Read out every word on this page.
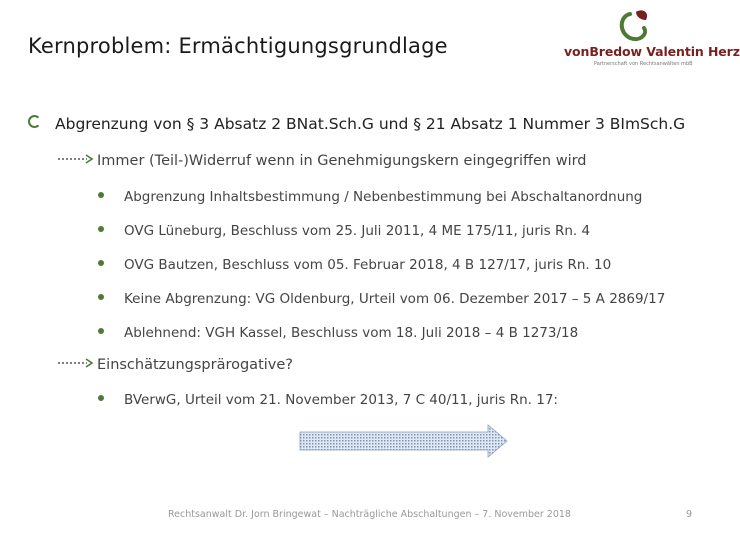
Kernproblem: Ermächtigungsgrundlage	vonBredow Valentin Herz
Partnerschaft von Rechtsanwälten mbB
Abgrenzung von § 3 Absatz 2 BNat.Sch.G und § 21 Absatz 1 Nummer 3 BImSch.G
Immer (Teil-)Widerruf wenn in Genehmigungskern eingegriffen wird
Abgrenzung Inhaltsbestimmung / Nebenbestimmung bei Abschaltanordnung
OVG Lüneburg, Beschluss vom 25. Juli 2011, 4 ME 175/11, juris Rn. 4
OVG Bautzen, Beschluss vom 05. Februar 2018, 4 B 127/17, juris Rn. 10
Keine Abgrenzung: VG Oldenburg, Urteil vom 06. Dezember 2017 – 5 A 2869/17
Ablehnend: VGH Kassel, Beschluss vom 18. Juli 2018 – 4 B 1273/18
Einschätzungsprärogative?
BVerwG, Urteil vom 21. November 2013, 7 C 40/11, juris Rn. 17:
Rechtsanwalt Dr. Jorn Bringewat – Nachträgliche Abschaltungen – 7. November 2018	9
